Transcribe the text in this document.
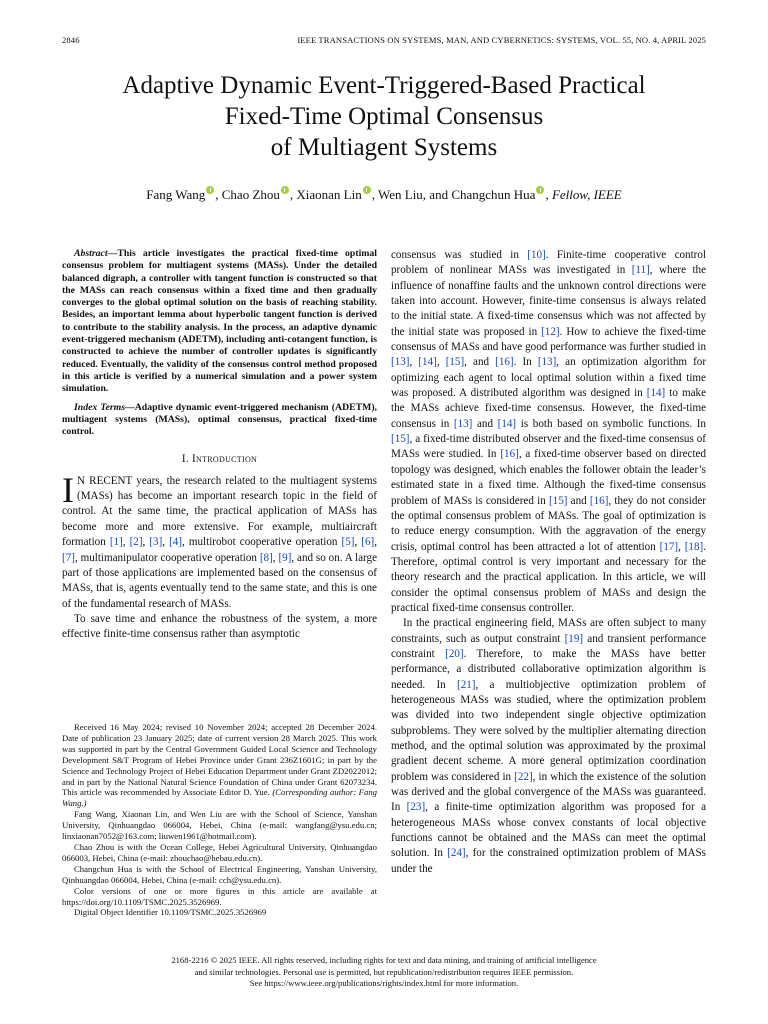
2846	IEEE TRANSACTIONS ON SYSTEMS, MAN, AND CYBERNETICS: SYSTEMS, VOL. 55, NO. 4, APRIL 2025
Adaptive Dynamic Event-Triggered-Based Practical
Fixed-Time Optimal Consensus
of Multiagent Systems
Fang Wang , Chao Zhou , Xiaonan Lin , Wen Liu, and Changchun Hua , Fellow, IEEE

Abstract—This article investigates the practical fixed-time optimal consensus problem for multiagent systems (MASs). Under the detailed balanced digraph, a controller with tangent function is constructed so that the MASs can reach consensus within a fixed time and then gradually converges to the global optimal solution on the basis of reaching stability. Besides, an important lemma about hyperbolic tangent function is derived to contribute to the stability analysis. In the process, an adaptive dynamic event-triggered mechanism (ADETM), including anti-cotangent function, is constructed to achieve the number of controller updates is significantly reduced. Eventually, the validity of the consensus control method proposed in this article is verified by a numerical simulation and a power system simulation.

Index Terms—Adaptive dynamic event-triggered mechanism (ADETM), multiagent systems (MASs), optimal consensus, practical fixed-time control.

I. Introduction

I N RECENT years, the research related to the multiagent systems (MASs) has become an important research topic in the field of control. At the same time, the practical application of MASs has become more and more extensive. For example, multiaircraft formation [1], [2], [3], [4], multirobot cooperative operation [5], [6], [7], multimanipulator cooperative operation [8], [9], and so on. A large part of those applications are implemented based on the consensus of MASs, that is, agents eventually tend to the same state, and this is one of the fundamental research of MASs.

To save time and enhance the robustness of the system, a more effective finite-time consensus rather than asymptotic

Received 16 May 2024; revised 10 November 2024; accepted 28 December 2024. Date of publication 23 January 2025; date of current version 28 March 2025. This work was supported in part by the Central Government Guided Local Science and Technology Development S&T Program of Hebei Province under Grant 236Z1601G; in part by the Science and Technology Project of Hebei Education Department under Grant ZD2022012; and in part by the National Natural Science Foundation of China under Grant 62073234. This article was recommended by Associate Editor D. Yue. (Corresponding author: Fang Wang.)

Fang Wang, Xiaonan Lin, and Wen Liu are with the School of Science, Yanshan University, Qinhuangdao 066004, Hebei, China (e-mail: wangfang@ysu.edu.cn; linxiaonan7052@163.com; liuwen1961@hotmail.com).

Chao Zhou is with the Ocean College, Hebei Agricultural University, Qinhuangdao 066003, Hebei, China (e-mail: zhouchao@hebau.edu.cn).

Changchun Hua is with the School of Electrical Engineering, Yanshan University, Qinhuangdao 066004, Hebei, China (e-mail: cch@ysu.edu.cn).

Color versions of one or more figures in this article are available at https://doi.org/10.1109/TSMC.2025.3526969.

Digital Object Identifier 10.1109/TSMC.2025.3526969

consensus was studied in [10]. Finite-time cooperative control problem of nonlinear MASs was investigated in [11], where the influence of nonaffine faults and the unknown control directions were taken into account. However, finite-time consensus is always related to the initial state. A fixed-time consensus which was not affected by the initial state was proposed in [12]. How to achieve the fixed-time consensus of MASs and have good performance was further studied in [13], [14], [15], and [16]. In [13], an optimization algorithm for optimizing each agent to local optimal solution within a fixed time was proposed. A distributed algorithm was designed in [14] to make the MASs achieve fixed-time consensus. However, the fixed-time consensus in [13] and [14] is both based on symbolic functions. In [15], a fixed-time distributed observer and the fixed-time consensus of MASs were studied. In [16], a fixed-time observer based on directed topology was designed, which enables the follower obtain the leader’s estimated state in a fixed time. Although the fixed-time consensus problem of MASs is considered in [15] and [16], they do not consider the optimal consensus problem of MASs. The goal of optimization is to reduce energy consumption. With the aggravation of the energy crisis, optimal control has been attracted a lot of attention [17], [18]. Therefore, optimal control is very important and necessary for the theory research and the practical application. In this article, we will consider the optimal consensus problem of MASs and design the practical fixed-time consensus controller.

In the practical engineering field, MASs are often subject to many constraints, such as output constraint [19] and transient performance constraint [20]. Therefore, to make the MASs have better performance, a distributed collaborative optimization algorithm is needed. In [21], a multiobjective optimization problem of heterogeneous MASs was studied, where the optimization problem was divided into two independent single objective optimization subproblems. They were solved by the multiplier alternating direction method, and the optimal solution was approximated by the proximal gradient decent scheme. A more general optimization coordination problem was considered in [22], in which the existence of the solution was derived and the global convergence of the MASs was guaranteed. In [23], a finite-time optimization algorithm was proposed for a heterogeneous MASs whose convex constants of local objective functions cannot be obtained and the MASs can meet the optimal solution. In [24], for the constrained optimization problem of MASs under the

2168-2216 © 2025 IEEE. All rights reserved, including rights for text and data mining, and training of artificial intelligence

and similar technologies. Personal use is permitted, but republication/redistribution requires IEEE permission.

See https://www.ieee.org/publications/rights/index.html for more information.
